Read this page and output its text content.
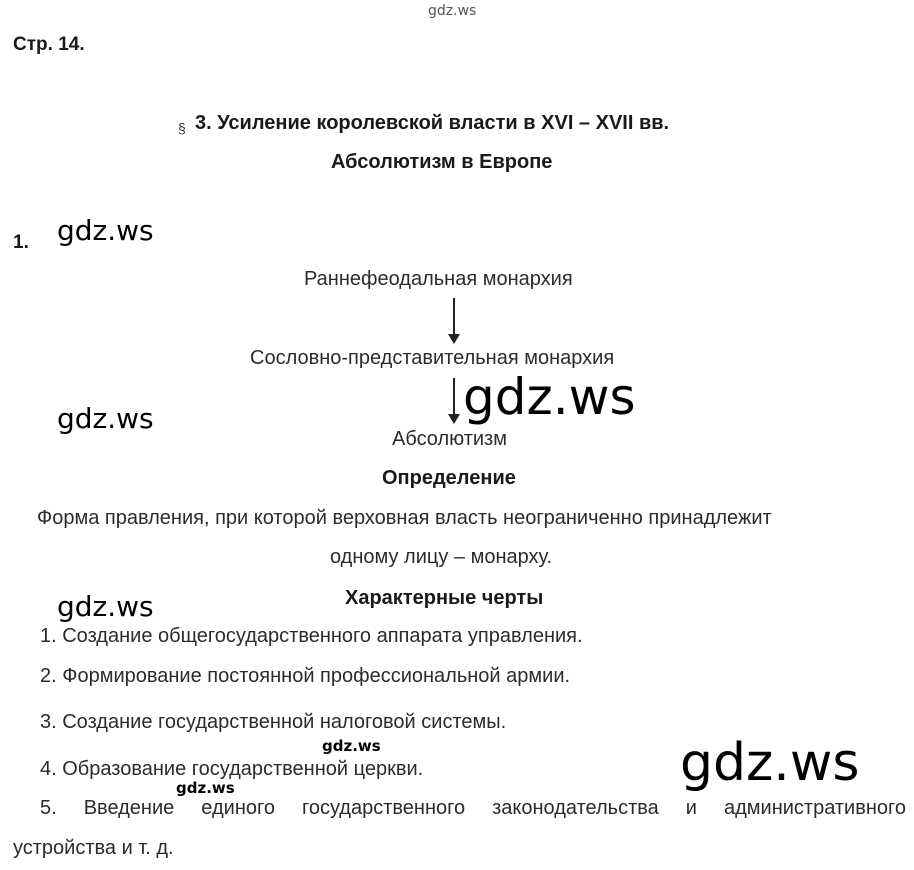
gdz.ws
gdz.ws
gdz.ws
gdz.ws
gdz.ws
gdz.ws
gdz.ws	gdz.ws
Стр. 14.
§ 3. Усиление королевской власти в XVI – XVII вв.
Абсолютизм в Европе
1.
Раннефеодальная монархия
Сословно-представительная монархия
Абсолютизм
Определение
Форма правления, при которой верховная власть неограниченно принадлежит
одному лицу – монарху.
Характерные черты
1. Создание общегосударственного аппарата управления.
2. Формирование постоянной профессиональной армии.
3. Создание государственной налоговой системы.
4. Образование государственной церкви.
5. Введение единого государственного законодательства и административного
устройства и т. д.
